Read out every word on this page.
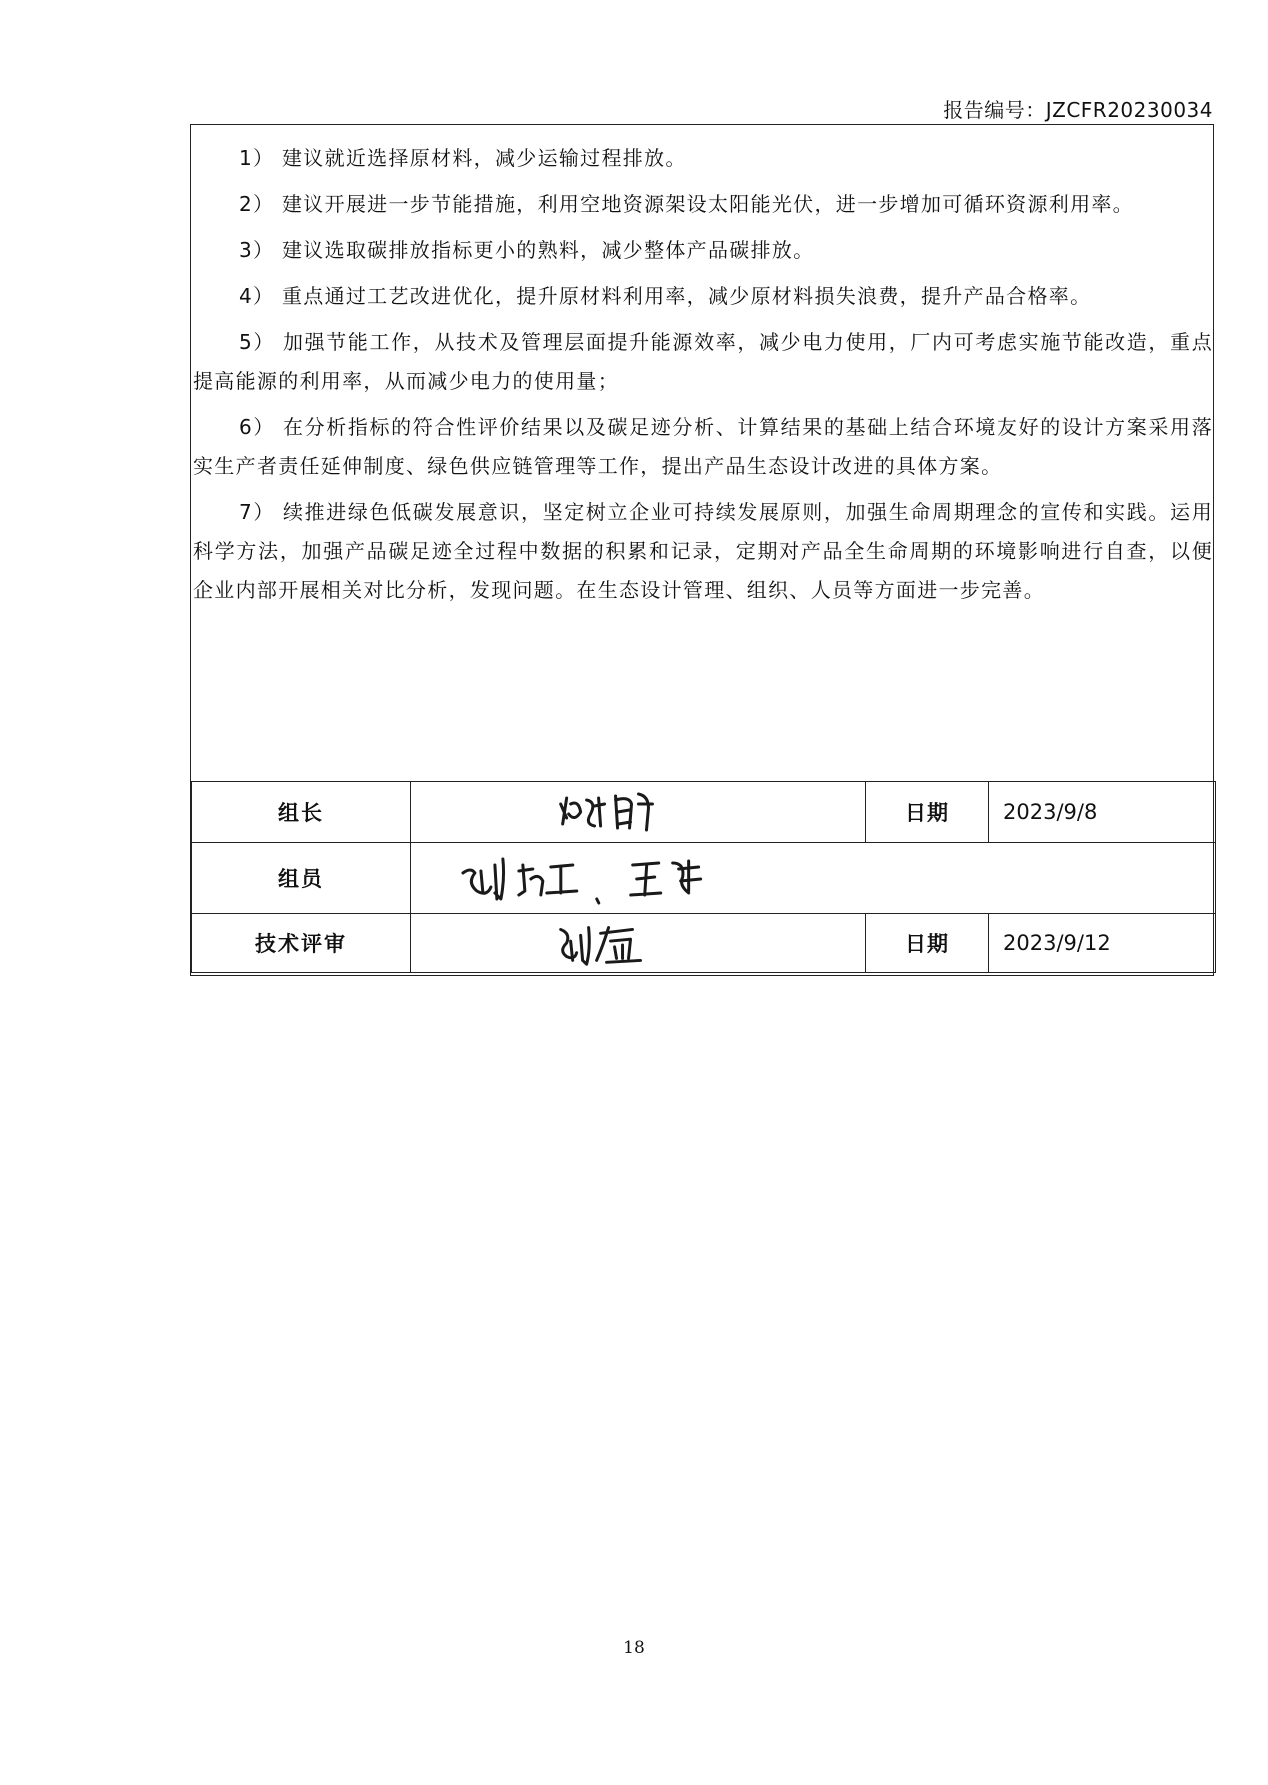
报告编号：JZCFR20230034

1） 建议就近选择原材料，减少运输过程排放。

2） 建议开展进一步节能措施，利用空地资源架设太阳能光伏，进一步增加可循环资源利用率。

3） 建议选取碳排放指标更小的熟料，减少整体产品碳排放。

4） 重点通过工艺改进优化，提升原材料利用率，减少原材料损失浪费，提升产品合格率。

5） 加强节能工作，从技术及管理层面提升能源效率，减少电力使用，厂内可考虑实施节能改造，重点提高能源的利用率，从而减少电力的使用量；

6） 在分析指标的符合性评价结果以及碳足迹分析、计算结果的基础上结合环境友好的设计方案采用落实生产者责任延伸制度、绿色供应链管理等工作，提出产品生态设计改进的具体方案。

7） 续推进绿色低碳发展意识，坚定树立企业可持续发展原则，加强生命周期理念的宣传和实践。运用科学方法，加强产品碳足迹全过程中数据的积累和记录，定期对产品全生命周期的环境影响进行自查，以便企业内部开展相关对比分析，发现问题。在生态设计管理、组织、人员等方面进一步完善。

组长		日期	2023/9/8
组员	

技术评审		日期	2023/9/12
18
